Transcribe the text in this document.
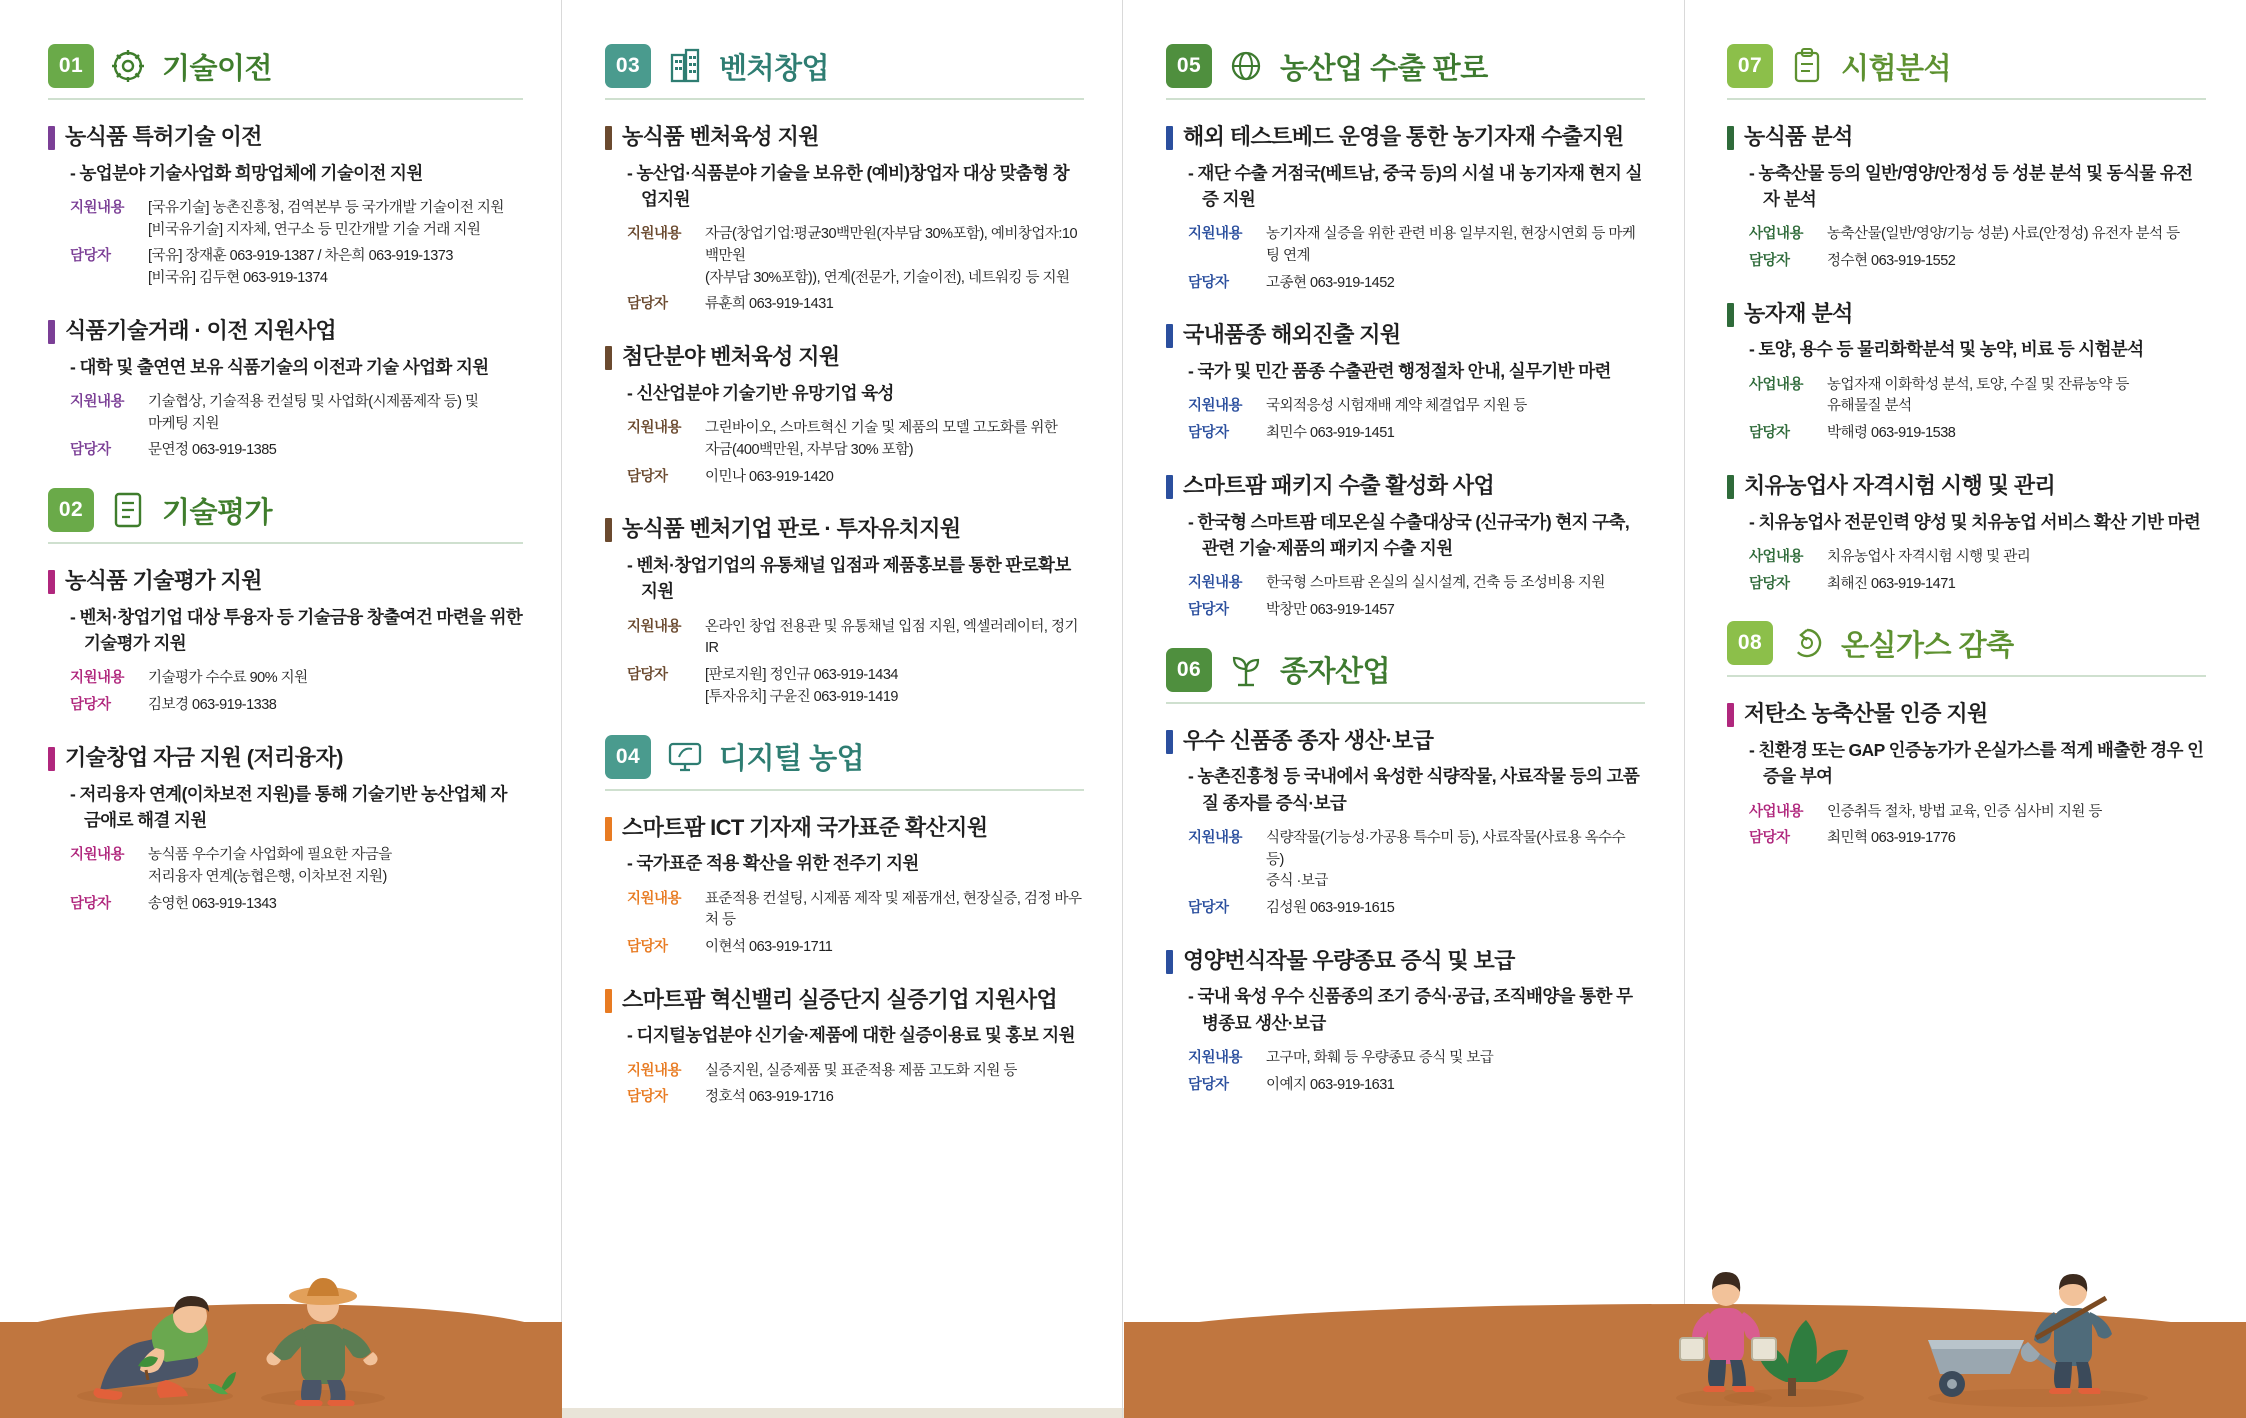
01	기술이전
농식품 특허기술 이전
- 농업분야 기술사업화 희망업체에 기술이전 지원
지원내용	[국유기술] 농촌진흥청, 검역본부 등 국가개발 기술이전 지원
[비국유기술] 지자체, 연구소 등 민간개발 기술 거래 지원
담당자	[국유] 장재훈 063-919-1387 / 차은희 063-919-1373
[비국유] 김두현 063-919-1374
식품기술거래 · 이전 지원사업
- 대학 및 출연연 보유 식품기술의 이전과 기술 사업화 지원
지원내용	기술협상, 기술적용 컨설팅 및 사업화(시제품제작 등) 및
마케팅 지원
담당자	문연정 063-919-1385
02	기술평가
농식품 기술평가 지원
- 벤처·창업기업 대상 투융자 등 기술금융 창출여건 마련을 위한 기술평가 지원
지원내용	기술평가 수수료 90% 지원
담당자	김보경 063-919-1338
기술창업 자금 지원 (저리융자)
- 저리융자 연계(이차보전 지원)를 통해 기술기반 농산업체 자금애로 해결 지원
지원내용	농식품 우수기술 사업화에 필요한 자금을
저리융자 연계(농협은행, 이차보전 지원)
담당자	송영헌 063-919-1343
03	벤처창업
농식품 벤처육성 지원
- 농산업·식품분야 기술을 보유한 (예비)창업자 대상 맞춤형 창업지원
지원내용	자금(창업기업:평균30백만원(자부담 30%포함), 예비창업자:10백만원
(자부담 30%포함)), 연계(전문가, 기술이전), 네트워킹 등 지원
담당자	류훈희 063-919-1431
첨단분야 벤처육성 지원
- 신산업분야 기술기반 유망기업 육성
지원내용	그린바이오, 스마트혁신 기술 및 제품의 모델 고도화를 위한
자금(400백만원, 자부담 30% 포함)
담당자	이민나 063-919-1420
농식품 벤처기업 판로 · 투자유치지원
- 벤처·창업기업의 유통채널 입점과 제품홍보를 통한 판로확보 지원
지원내용	온라인 창업 전용관 및 유통채널 입점 지원, 엑셀러레이터, 정기IR
담당자	[판로지원] 정인규 063-919-1434
[투자유치] 구윤진 063-919-1419
04	디지털 농업
스마트팜 ICT 기자재 국가표준 확산지원
- 국가표준 적용 확산을 위한 전주기 지원
지원내용	표준적용 컨설팅, 시제품 제작 및 제품개선, 현장실증, 검정 바우처 등
담당자	이현석 063-919-1711
스마트팜 혁신밸리 실증단지 실증기업 지원사업
- 디지털농업분야 신기술·제품에 대한 실증이용료 및 홍보 지원
지원내용	실증지원, 실증제품 및 표준적용 제품 고도화 지원 등
담당자	정호석 063-919-1716
05	농산업 수출 판로
해외 테스트베드 운영을 통한 농기자재 수출지원
- 재단 수출 거점국(베트남, 중국 등)의 시설 내 농기자재 현지 실증 지원
지원내용	농기자재 실증을 위한 관련 비용 일부지원, 현장시연회 등 마케팅 연계
담당자	고종현 063-919-1452
국내품종 해외진출 지원
- 국가 및 민간 품종 수출관련 행정절차 안내, 실무기반 마련
지원내용	국외적응성 시험재배 계약 체결업무 지원 등
담당자	최민수 063-919-1451
스마트팜 패키지 수출 활성화 사업
- 한국형 스마트팜 데모온실 수출대상국 (신규국가) 현지 구축, 관련 기술·제품의 패키지 수출 지원
지원내용	한국형 스마트팜 온실의 실시설계, 건축 등 조성비용 지원
담당자	박창만 063-919-1457
06	종자산업
우수 신품종 종자 생산·보급
- 농촌진흥청 등 국내에서 육성한 식량작물, 사료작물 등의 고품질 종자를 증식·보급
지원내용	식량작물(기능성·가공용 특수미 등), 사료작물(사료용 옥수수 등)
증식 ·보급
담당자	김성원 063-919-1615
영양번식작물 우량종묘 증식 및 보급
- 국내 육성 우수 신품종의 조기 증식·공급, 조직배양을 통한 무병종묘 생산·보급
지원내용	고구마, 화훼 등 우량종묘 증식 및 보급
담당자	이예지 063-919-1631
07	시험분석
농식품 분석
- 농축산물 등의 일반/영양/안정성 등 성분 분석 및 동식물 유전자 분석
사업내용	농축산물(일반/영양/기능 성분) 사료(안정성) 유전자 분석 등
담당자	정수현 063-919-1552
농자재 분석
- 토양, 용수 등 물리화학분석 및 농약, 비료 등 시험분석
사업내용	농업자재 이화학성 분석, 토양, 수질 및 잔류농약 등
유해물질 분석
담당자	박해령 063-919-1538
치유농업사 자격시험 시행 및 관리
- 치유농업사 전문인력 양성 및 치유농업 서비스 확산 기반 마련
사업내용	치유농업사 자격시험 시행 및 관리
담당자	최해진 063-919-1471
08	온실가스 감축
저탄소 농축산물 인증 지원
- 친환경 또는 GAP 인증농가가 온실가스를 적게 배출한 경우 인증을 부여
사업내용	인증취득 절차, 방법 교육, 인증 심사비 지원 등
담당자	최민혁 063-919-1776
